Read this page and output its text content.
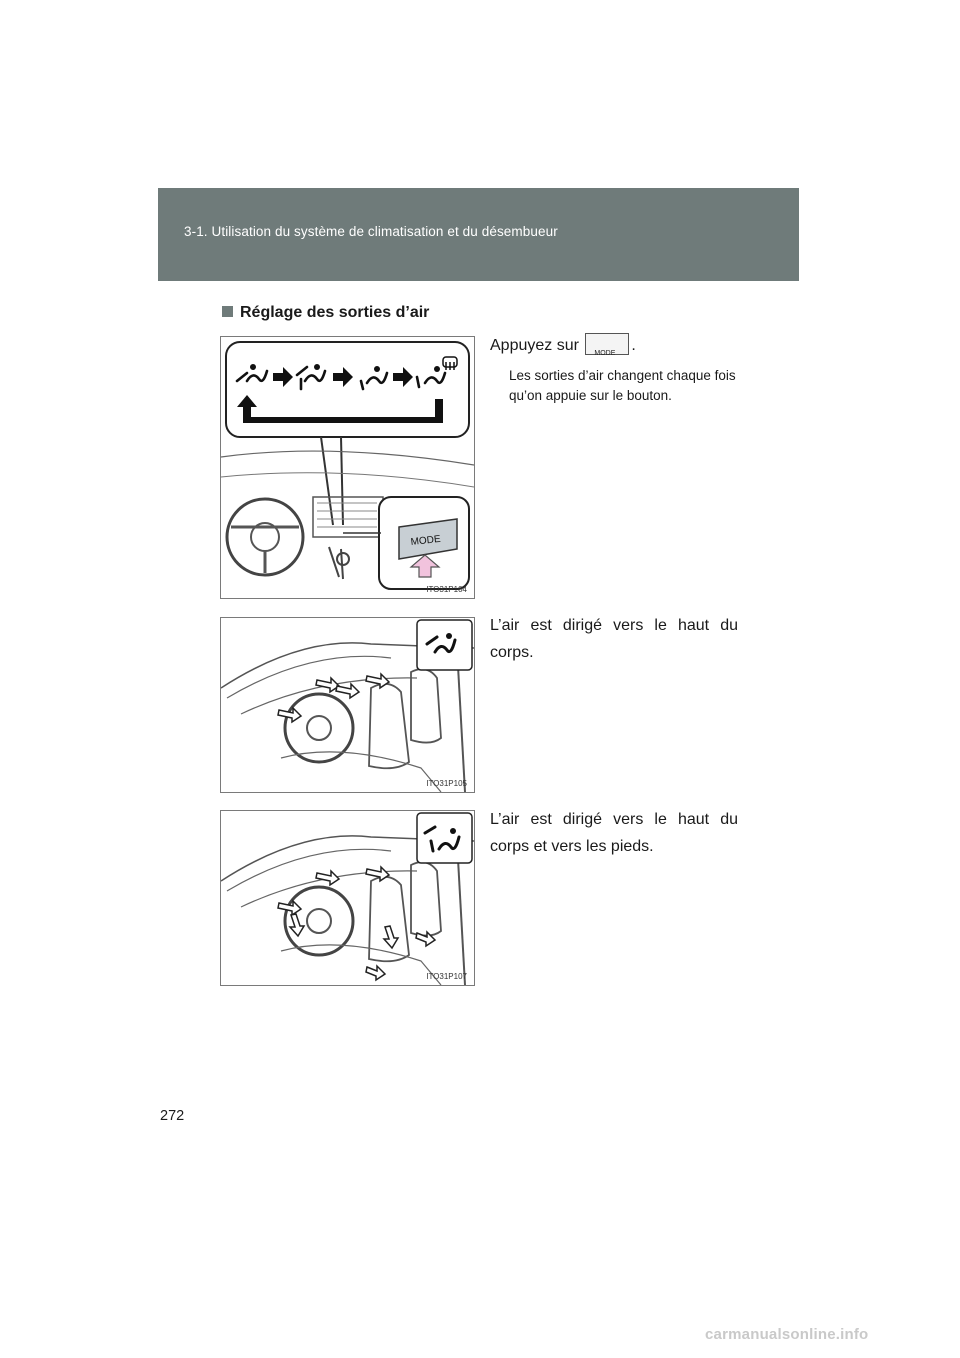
3-1. Utilisation du système de climatisation et du désembueur
Réglage des sorties d’air
MODE
ITO31P104
Appuyez sur MODE .
Les sorties d’air changent chaque fois qu’on appuie sur le bouton.
ITO31P105
L’air est dirigé vers le haut du corps.
ITO31P107
L’air est dirigé vers le haut du corps et vers les pieds.
272
carmanualsonline.info
